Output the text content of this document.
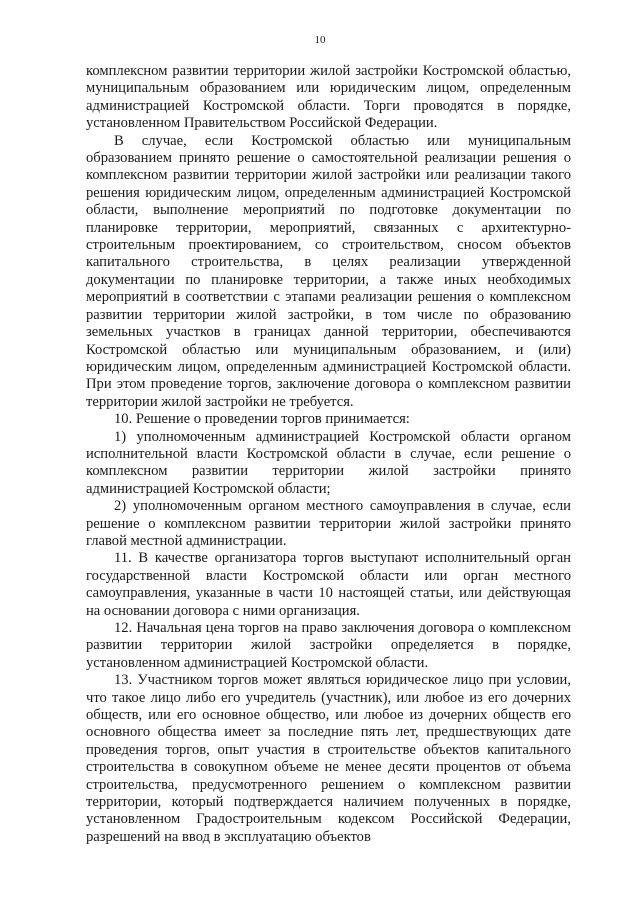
10

комплексном развитии территории жилой застройки Костромской областью, муниципальным образованием или юридическим лицом, определенным администрацией Костромской области. Торги проводятся в порядке, установленном Правительством Российской Федерации.

В случае, если Костромской областью или муниципальным образованием принято решение о самостоятельной реализации решения о комплексном развитии территории жилой застройки или реализации такого решения юридическим лицом, определенным администрацией Костромской области, выполнение мероприятий по подготовке документации по планировке территории, мероприятий, связанных с архитектурно-строительным проектированием, со строительством, сносом объектов капитального строительства, в целях реализации утвержденной документации по планировке территории, а также иных необходимых мероприятий в соответствии с этапами реализации решения о комплексном развитии территории жилой застройки, в том числе по образованию земельных участков в границах данной территории, обеспечиваются Костромской областью или муниципальным образованием, и (или) юридическим лицом, определенным администрацией Костромской области. При этом проведение торгов, заключение договора о комплексном развитии территории жилой застройки не требуется.

10. Решение о проведении торгов принимается:

1) уполномоченным администрацией Костромской области органом исполнительной власти Костромской области в случае, если решение о комплексном развитии территории жилой застройки принято администрацией Костромской области;

2) уполномоченным органом местного самоуправления в случае, если решение о комплексном развитии территории жилой застройки принято главой местной администрации.

11. В качестве организатора торгов выступают исполнительный орган государственной власти Костромской области или орган местного самоуправления, указанные в части 10 настоящей статьи, или действующая на основании договора с ними организация.

12. Начальная цена торгов на право заключения договора о комплексном развитии территории жилой застройки определяется в порядке, установленном администрацией Костромской области.

13. Участником торгов может являться юридическое лицо при условии, что такое лицо либо его учредитель (участник), или любое из его дочерних обществ, или его основное общество, или любое из дочерних обществ его основного общества имеет за последние пять лет, предшествующих дате проведения торгов, опыт участия в строительстве объектов капитального строительства в совокупном объеме не менее десяти процентов от объема строительства, предусмотренного решением о комплексном развитии территории, который подтверждается наличием полученных в порядке, установленном Градостроительным кодексом Российской Федерации, разрешений на ввод в эксплуатацию объектов
